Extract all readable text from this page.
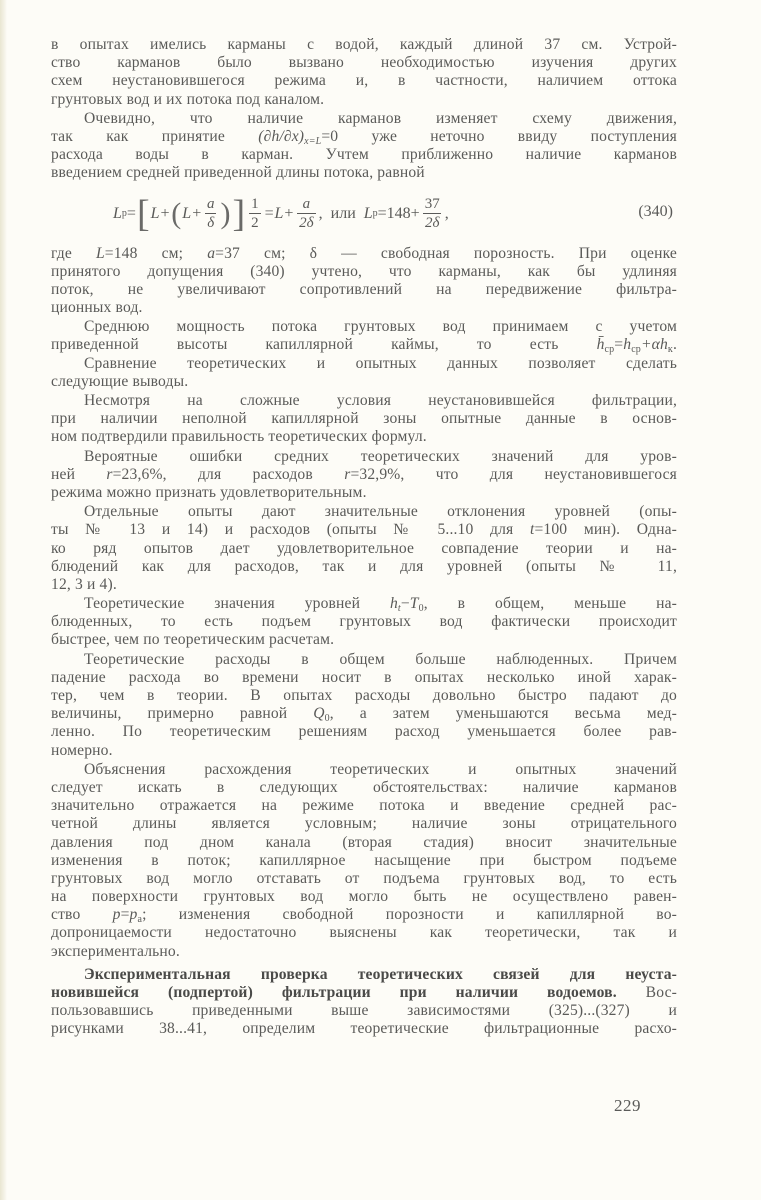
в опытах имелись карманы с водой, каждый длиной 37 см. Устрой-
ство карманов было вызвано необходимостью изучения других
схем неустановившегося режима и, в частности, наличием оттока
грунтовых вод и их потока под каналом.
Очевидно, что наличие карманов изменяет схему движения,
так как принятие $(\partial h/\partial x)_{x=L}=0$ уже неточно ввиду поступления
расхода воды в карман. Учтем приближенно наличие карманов
введением средней приведенной длины потока, равной
L р = [ L+ ( $L+ \frac{a}{\delta}$ ) ] $\frac{1}{2} =L+ \frac{a}{2\delta}$ ,  или L $р =148+ \frac{37}{2\delta}$ ,	(340)
где L=148 см; a=37 см; δ — свободная порозность. При оценке
принятого допущения (340) учтено, что карманы, как бы удлиняя
поток, не увеличивают сопротивлений на передвижение фильтра-
ционных вод.
Среднюю мощность потока грунтовых вод принимаем с учетом
приведенной высоты капиллярной каймы, то есть $h̄_{ср}=h_{ср}+\alpha h_к$.
Сравнение теоретических и опытных данных позволяет сделать
следующие выводы.
Несмотря на сложные условия неустановившейся фильтрации,
при наличии неполной капиллярной зоны опытные данные в основ-
ном подтвердили правильность теоретических формул.
Вероятные ошибки средних теоретических значений для уров-
ней r=23,6%, для расходов r=32,9%, что для неустановившегося
режима можно признать удовлетворительным.
Отдельные опыты дают значительные отклонения уровней (опы-
ты № 13 и 14) и расходов (опыты № 5...10 для t=100 мин). Одна-
ко ряд опытов дает удовлетворительное совпадение теории и на-
блюдений как для расходов, так и для уровней (опыты № 11,
12, 3 и 4).
Теоретические значения уровней $h_t-T_0$, в общем, меньше на-
блюденных, то есть подъем грунтовых вод фактически происходит
быстрее, чем по теоретическим расчетам.
Теоретические расходы в общем больше наблюденных. Причем
падение расхода во времени носит в опытах несколько иной харак-
тер, чем в теории. В опытах расходы довольно быстро падают до
величины, примерно равной $Q_0$, а затем уменьшаются весьма мед-
ленно. По теоретическим решениям расход уменьшается более рав-
номерно.
Объяснения расхождения теоретических и опытных значений
следует искать в следующих обстоятельствах: наличие карманов
значительно отражается на режиме потока и введение средней рас-
четной длины является условным; наличие зоны отрицательного
давления под дном канала (вторая стадия) вносит значительные
изменения в поток; капиллярное насыщение при быстром подъеме
грунтовых вод могло отставать от подъема грунтовых вод, то есть
на поверхности грунтовых вод могло быть не осуществлено равен-
ство $p=p_a$; изменения свободной порозности и капиллярной во-
допроницаемости недостаточно выяснены как теоретически, так и
экспериментально.
Экспериментальная проверка теоретических связей для неуста-
новившейся (подпертой) фильтрации при наличии водоемов. Вос-
пользовавшись приведенными выше зависимостями (325)...(327) и
рисунками 38...41, определим теоретические фильтрационные расхо-
229
